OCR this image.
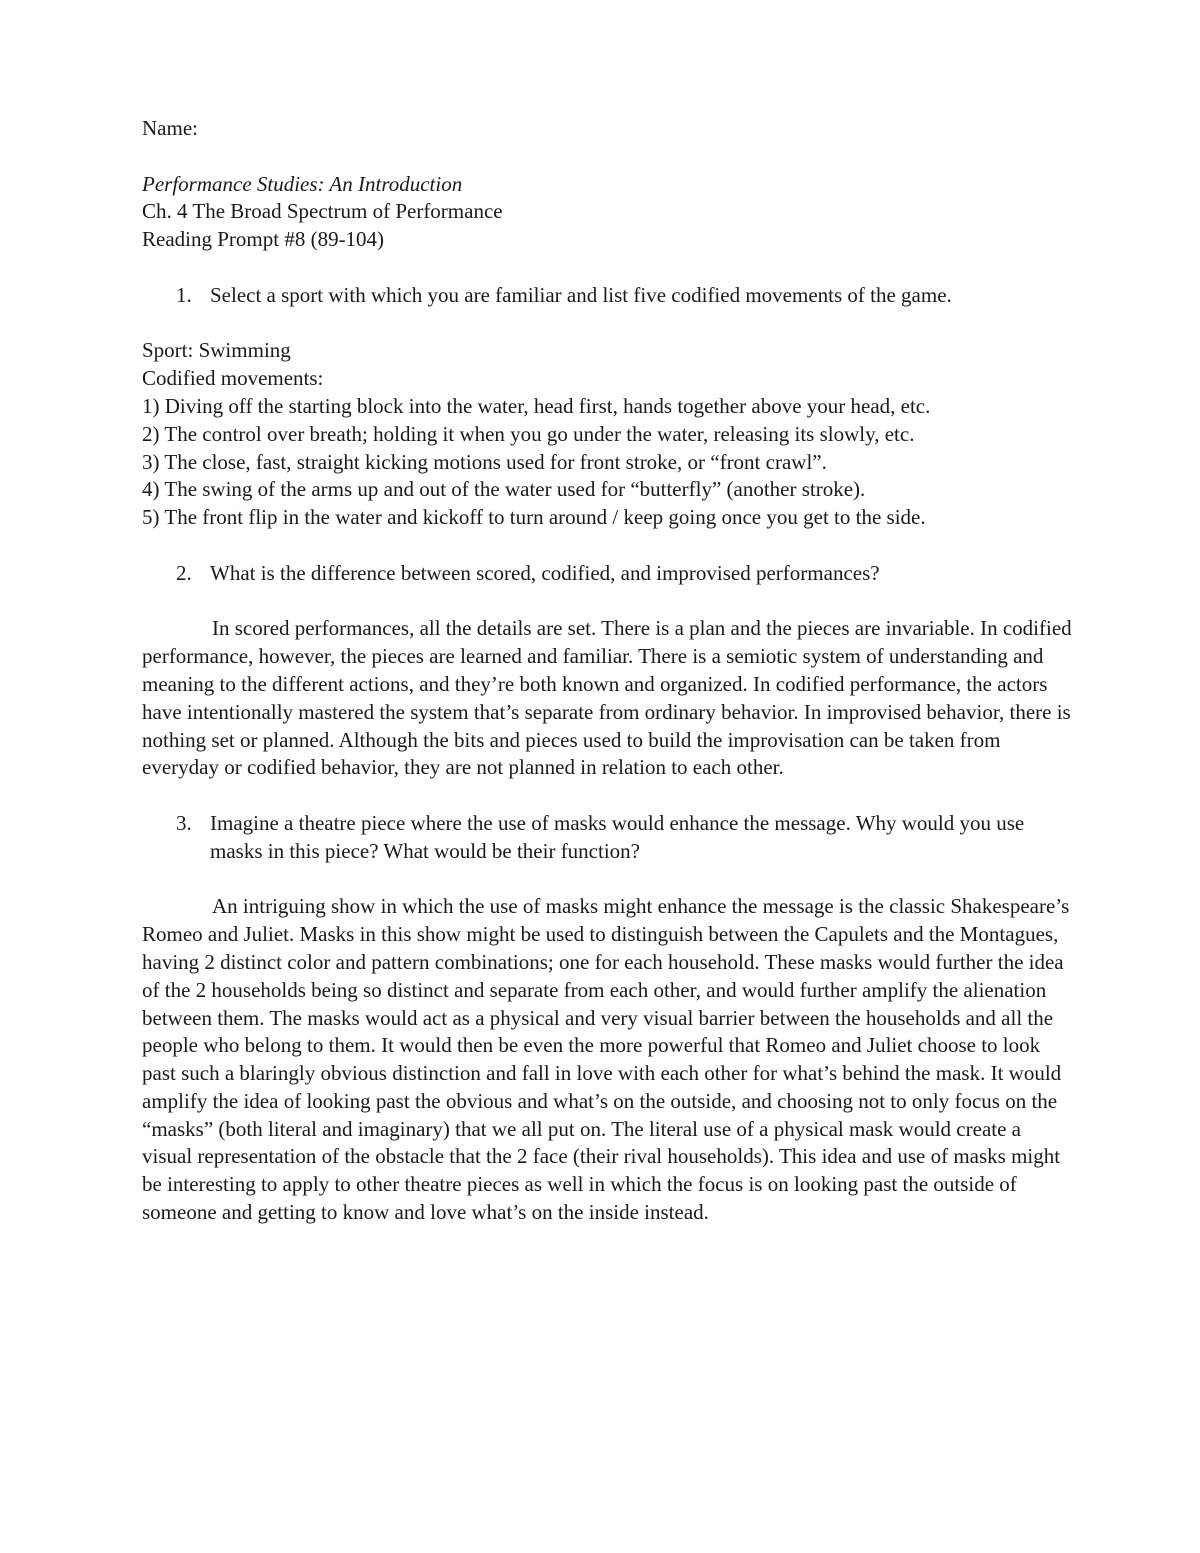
Name:

Performance Studies: An Introduction

Ch. 4 The Broad Spectrum of Performance

Reading Prompt #8 (89-104)

1. Select a sport with which you are familiar and list five codified movements of the game.

Sport: Swimming

Codified movements:

1) Diving off the starting block into the water, head first, hands together above your head, etc.

2) The control over breath; holding it when you go under the water, releasing its slowly, etc.

3) The close, fast, straight kicking motions used for front stroke, or “front crawl”.

4) The swing of the arms up and out of the water used for “butterfly” (another stroke).

5) The front flip in the water and kickoff to turn around / keep going once you get to the side.

2. What is the difference between scored, codified, and improvised performances?

In scored performances, all the details are set. There is a plan and the pieces are invariable. In codified performance, however, the pieces are learned and familiar. There is a semiotic system of understanding and meaning to the different actions, and they’re both known and organized. In codified performance, the actors have intentionally mastered the system that’s separate from ordinary behavior. In improvised behavior, there is nothing set or planned. Although the bits and pieces used to build the improvisation can be taken from everyday or codified behavior, they are not planned in relation to each other.

3. Imagine a theatre piece where the use of masks would enhance the message. Why would you use masks in this piece? What would be their function?

An intriguing show in which the use of masks might enhance the message is the classic Shakespeare’s Romeo and Juliet. Masks in this show might be used to distinguish between the Capulets and the Montagues, having 2 distinct color and pattern combinations; one for each household. These masks would further the idea of the 2 households being so distinct and separate from each other, and would further amplify the alienation between them. The masks would act as a physical and very visual barrier between the households and all the people who belong to them. It would then be even the more powerful that Romeo and Juliet choose to look past such a blaringly obvious distinction and fall in love with each other for what’s behind the mask. It would amplify the idea of looking past the obvious and what’s on the outside, and choosing not to only focus on the “masks” (both literal and imaginary) that we all put on. The literal use of a physical mask would create a visual representation of the obstacle that the 2 face (their rival households). This idea and use of masks might be interesting to apply to other theatre pieces as well in which the focus is on looking past the outside of someone and getting to know and love what’s on the inside instead.
